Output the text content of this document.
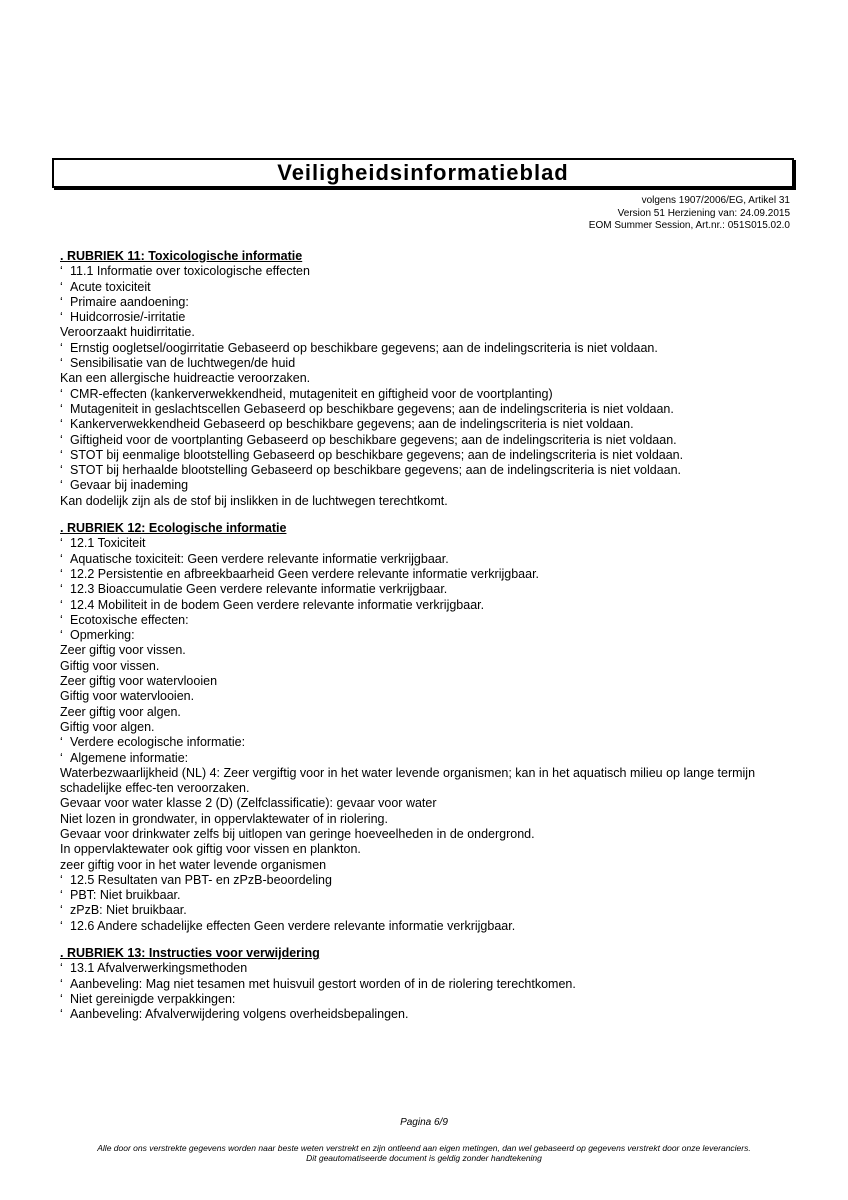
Veiligheidsinformatieblad
volgens 1907/2006/EG, Artikel 31
Version 51 Herziening van: 24.09.2015
EOM Summer Session, Art.nr.: 051S015.02.0
. RUBRIEK 11: Toxicologische informatie
‘ 11.1 Informatie over toxicologische effecten
‘ Acute toxiciteit
‘ Primaire aandoening:
‘ Huidcorrosie/-irritatie
Veroorzaakt huidirritatie.
‘ Ernstig oogletsel/oogirritatie Gebaseerd op beschikbare gegevens; aan de indelingscriteria is niet voldaan.
‘ Sensibilisatie van de luchtwegen/de huid
Kan een allergische huidreactie veroorzaken.
‘ CMR-effecten (kankerverwekkendheid, mutageniteit en giftigheid voor de voortplanting)
‘ Mutageniteit in geslachtscellen Gebaseerd op beschikbare gegevens; aan de indelingscriteria is niet voldaan.
‘ Kankerverwekkendheid Gebaseerd op beschikbare gegevens; aan de indelingscriteria is niet voldaan.
‘ Giftigheid voor de voortplanting Gebaseerd op beschikbare gegevens; aan de indelingscriteria is niet voldaan.
‘ STOT bij eenmalige blootstelling Gebaseerd op beschikbare gegevens; aan de indelingscriteria is niet voldaan.
‘ STOT bij herhaalde blootstelling Gebaseerd op beschikbare gegevens; aan de indelingscriteria is niet voldaan.
‘ Gevaar bij inademing
Kan dodelijk zijn als de stof bij inslikken in de luchtwegen terechtkomt.
. RUBRIEK 12: Ecologische informatie
‘ 12.1 Toxiciteit
‘ Aquatische toxiciteit: Geen verdere relevante informatie verkrijgbaar.
‘ 12.2 Persistentie en afbreekbaarheid Geen verdere relevante informatie verkrijgbaar.
‘ 12.3 Bioaccumulatie Geen verdere relevante informatie verkrijgbaar.
‘ 12.4 Mobiliteit in de bodem Geen verdere relevante informatie verkrijgbaar.
‘ Ecotoxische effecten:
‘ Opmerking:
Zeer giftig voor vissen.
Giftig voor vissen.
Zeer giftig voor watervlooien
Giftig voor watervlooien.
Zeer giftig voor algen.
Giftig voor algen.
‘ Verdere ecologische informatie:
‘ Algemene informatie:
Waterbezwaarlijkheid (NL) 4: Zeer vergiftig voor in het water levende organismen; kan in het aquatisch milieu op lange termijn schadelijke effec-ten veroorzaken.
Gevaar voor water klasse 2 (D) (Zelfclassificatie): gevaar voor water
Niet lozen in grondwater, in oppervlaktewater of in riolering.
Gevaar voor drinkwater zelfs bij uitlopen van geringe hoeveelheden in de ondergrond.
In oppervlaktewater ook giftig voor vissen en plankton.
zeer giftig voor in het water levende organismen
‘ 12.5 Resultaten van PBT- en zPzB-beoordeling
‘ PBT: Niet bruikbaar.
‘ zPzB: Niet bruikbaar.
‘ 12.6 Andere schadelijke effecten Geen verdere relevante informatie verkrijgbaar.
. RUBRIEK 13: Instructies voor verwijdering
‘ 13.1 Afvalverwerkingsmethoden
‘ Aanbeveling: Mag niet tesamen met huisvuil gestort worden of in de riolering terechtkomen.
‘ Niet gereinigde verpakkingen:
‘ Aanbeveling: Afvalverwijdering volgens overheidsbepalingen.
Pagina 6/9
Alle door ons verstrekte gegevens worden naar beste weten verstrekt en zijn ontleend aan eigen metingen, dan wel gebaseerd op gegevens verstrekt door onze leveranciers.
Dit geautomatiseerde document is geldig zonder handtekening
